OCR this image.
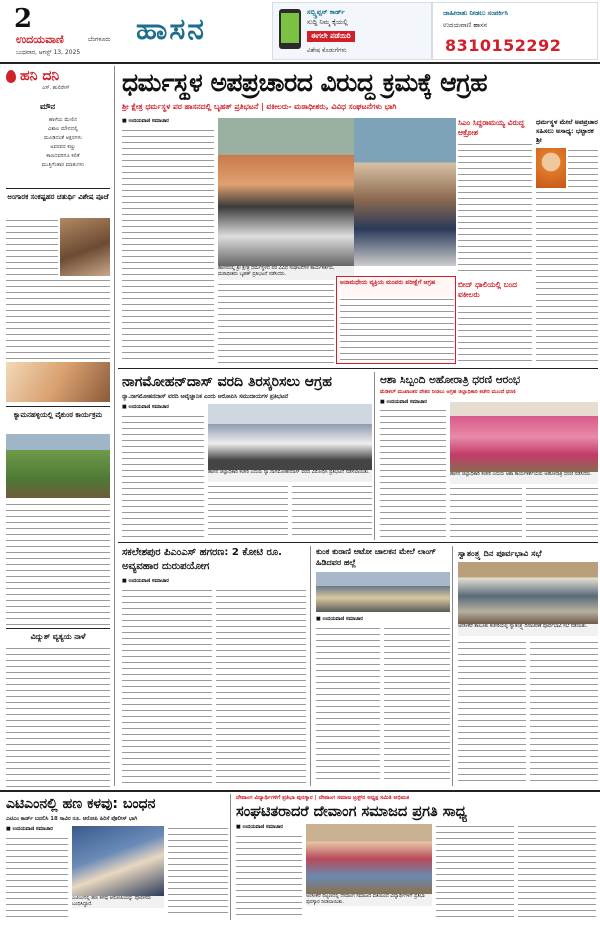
2
ಉದಯವಾಣಿ	ಬೆಂಗಳೂರು
ಬುಧವಾರ, ಆಗಸ್ಟ್ 13, 2025
ಹಾಸನ	ಸಬ್ಸ್ಕ್ರಿಪ್ಷನ್ ಕಾರ್ಡ್
ಸುದ್ದಿ ನಿಮ್ಮ ಕೈಯಲ್ಲಿ
ಈಗಲೇ ಪಡೆಯಿರಿ
ವಿಶೇಷ ಕೊಡುಗೆಗಳು
ಜಾಹೀರಾತು ನೀಡಲು ಸಂಪರ್ಕಿಸಿ
ಉದಯವಾಣಿ ಹಾಸನ
8310152292
ಹನಿ ದನಿ
ಎಸ್. ಹುಲಿರೇಸ್
ಮೌನ
ಹಾಳೆಯ ಮೇಲಿನ
ವಿಶಾಲ ಮೌನದಲ್ಲಿ
ಮೂಡಿದಂತೆ ಅಕ್ಷರಗಳು
ಅವರವರ ಕಣ್ಣು
ಕಾಣದವರಿಗೂ ಕಲಿಕೆ
ಮುತ್ತಿಗೆಂತಾರ ಮಾತುಗಳು
ಅಂಗಾರಕ ಸಂಕಷ್ಟಹರ ಚತುರ್ಥಿ ವಿಶೇಷ ಪೂಜೆ
ಕ್ಯಾಮನಹಳ್ಳಿಯಲ್ಲಿ ವೈಕುಂಠ ಕಾರ್ಯಕ್ರಮ
ವಿದ್ಯುತ್ ವ್ಯತ್ಯಯ ನಾಳೆ
ಧರ್ಮಸ್ಥಳ ಅಪಪ್ರಚಾರದ ವಿರುದ್ಧ ಕ್ರಮಕ್ಕೆ ಆಗ್ರಹ
ಶ್ರೀ ಕ್ಷೇತ್ರ ಧರ್ಮಸ್ಥಳ ಪರ ಹಾಸನದಲ್ಲಿ ಬೃಹತ್ ಪ್ರತಿಭಟನೆ | ವಕೀಲರು- ಮಠಾಧೀಶರು, ವಿವಿಧ ಸಂಘಟನೆಗಳು ಭಾಗಿ
■ ಉದಯವಾಣಿ ಸಮಾಚಾರ
ಹಾಸನದಲ್ಲಿ ಶ್ರೀ ಕ್ಷೇತ್ರ ಧರ್ಮಸ್ಥಳದ ಪರ ವಿವಿಧ ಸಂಘಟನೆಗಳ ಕಾರ್ಯಕರ್ತರು, ಮಠಾಧೀಶರು ಬೃಹತ್ ಪ್ರತಿಭಟನೆ ನಡೆಸಿದರು.
ಸಿಎಂ ಸಿದ್ದರಾಮಯ್ಯ ವಿರುದ್ಧ ಆಕ್ರೋಶ
ಬೀದ್ ಧಾಲಿಯಲ್ಲಿ ಬಂದ ವಕೀಲರು
ಧರ್ಮಸ್ಥಳ ಮೇಲೆ ಅಪಪ್ರಚಾರ ಸಹಿಸಲು ಅಸಾಧ್ಯ: ಭಟ್ಟಾರಕ ಶ್ರೀ
ಅನಾಮಧೇಯ ವ್ಯಕ್ತಿಯ ಮಂಪರು ಪರೀಕ್ಷೆಗೆ ಆಗ್ರಹ
ನಾಗಮೋಹನ್‌ದಾಸ್ ವರದಿ ತಿರಸ್ಕರಿಸಲು ಆಗ್ರಹ
ನ್ಯಾ.ನಾಗಮೋಹನದಾಸ್ ವರದಿ ಅವೈಜ್ಞಾನಿಕ ಎಂದು ಆರೋಪಿಸಿ ಸಮುದಾಯಗಳ ಪ್ರತಿಭಟನೆ
■ ಉದಯವಾಣಿ ಸಮಾಚಾರ
ಹಾಸನ ಜಿಲ್ಲಾಧಿಕಾರಿ ಕಚೇರಿ ಎದುರು ನ್ಯಾ.ನಾಗಮೋಹನದಾಸ್ ವರದಿ ವಿರೋಧಿಸಿ ಪ್ರತಿಭಟನೆ ನಡೆಸಲಾಯಿತು.
ಆಶಾ ಸಿಬ್ಬಂದಿ ಅಹೋರಾತ್ರಿ ಧರಣಿ ಆರಂಭ
ಮೆಡಿಕಲ್ ಮುಖಾಂತರ ವೇತನ ನೀಡಲು ಆಗ್ರಹ ಜಿಲ್ಲಾಧಿಕಾರಿ ಕಚೇರಿ ಮುಂದೆ ಧರಣಿ
■ ಉದಯವಾಣಿ ಸಮಾಚಾರ
ಹಾಸನ ಜಿಲ್ಲಾಧಿಕಾರಿ ಕಚೇರಿ ಎದುರು ಆಶಾ ಕಾರ್ಯಕರ್ತೆಯರು ಅಹೋರಾತ್ರಿ ಧರಣಿ ನಡೆಸಿದರು.
ಸಕಲೇಶಪುರ ಪಿಎಂಎಸ್‌ ಹಗರಣ: 2 ಕೋಟಿ ರೂ. ಅವ್ಯವಹಾರ ದುರುಪಯೋಗ
■ ಉದಯವಾಣಿ ಸಮಾಚಾರ
ಕುಂಕ ಕುರಾಣಿ ಆಟೋ ಚಾಲಕನ ಮೇಲೆ ಲಾಂಗ್ ಹಿಡಿದವರ ಹಲ್ಲೆ
■ ಉದಯವಾಣಿ ಸಮಾಚಾರ
ಸ್ವಾತಂತ್ರ್ಯ ದಿನ ಪೂರ್ವಭಾವಿ ಸಭೆ
ಅರಸೀಕೆರೆ ತಾಲೂಕು ಕಚೇರಿಯಲ್ಲಿ ಸ್ವಾತಂತ್ರ್ಯ ದಿನಾಚರಣೆ ಪೂರ್ವಭಾವಿ ಸಭೆ ನಡೆಯಿತು.
ಎಟಿಎಂನಲ್ಲಿ ಹಣ ಕಳವು: ಬಂಧನ
ಎಟಿಎಂ ಕಾರ್ಡ್ ಬದಲಿಸಿ 18 ಸಾವಿರ ರೂ. ಆರೋಪಿ ಹಿರಿಸೆ ಪೊಲೀಸ್ ಭಾಗಿ
■ ಉದಯವಾಣಿ ಸಮಾಚಾರ
ಎಟಿಎಂನಲ್ಲಿ ಹಣ ಕಳವು ಆರೋಪಿಯನ್ನು ಪೊಲೀಸರು ಬಂಧಿಸಿದ್ದಾರೆ.
ದೇವಾಂಗ ವಿದ್ಯಾರ್ಥಿಗಳಿಗೆ ಪ್ರತಿಭಾ ಪುರಸ್ಕಾರ | ದೇವಾಂಗ ಸಮಾಜ ಟ್ರಸ್ಟ್‌ನ ಅಧ್ಯಕ್ಷ ಸಮಿತಿ ಅಭಿಮತ
ಸಂಘಟಿತರಾದರೆ ದೇವಾಂಗ ಸಮಾಜದ ಪ್ರಗತಿ ಸಾಧ್ಯ
■ ಉದಯವಾಣಿ ಸಮಾಚಾರ
ಅರಸೀಕೆರೆ ಪಟ್ಟಣದಲ್ಲಿ ದೇವಾಂಗ ಸಮಾಜದ ವತಿಯಿಂದ ವಿದ್ಯಾರ್ಥಿಗಳಿಗೆ ಪ್ರತಿಭಾ ಪುರಸ್ಕಾರ ನೀಡಲಾಯಿತು.
